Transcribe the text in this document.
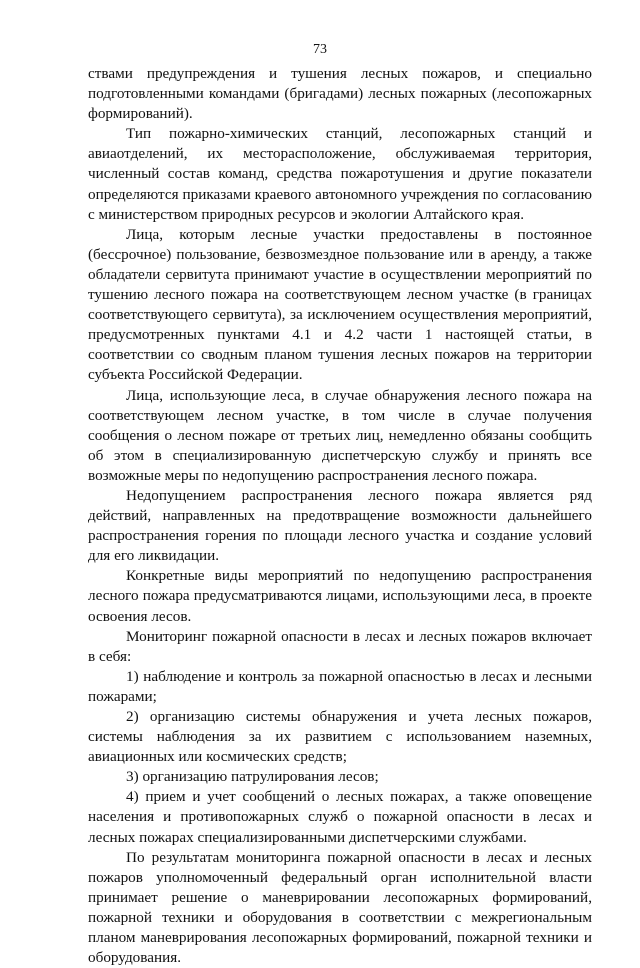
73

ствами предупреждения и тушения лесных пожаров, и специально подготовленными командами (бригадами) лесных пожарных (лесопожарных формирований).

Тип пожарно-химических станций, лесопожарных станций и авиаотделений, их месторасположение, обслуживаемая территория, численный состав команд, средства пожаротушения и другие показатели определяются приказами краевого автономного учреждения по согласованию с министерством природных ресурсов и экологии Алтайского края.

Лица, которым лесные участки предоставлены в постоянное (бессрочное) пользование, безвозмездное пользование или в аренду, а также обладатели сервитута принимают участие в осуществлении мероприятий по тушению лесного пожара на соответствующем лесном участке (в границах соответствующего сервитута), за исключением осуществления мероприятий, предусмотренных пунктами 4.1 и 4.2 части 1 настоящей статьи, в соответствии со сводным планом тушения лесных пожаров на территории субъекта Российской Федерации.

Лица, использующие леса, в случае обнаружения лесного пожара на соответствующем лесном участке, в том числе в случае получения сообщения о лесном пожаре от третьих лиц, немедленно обязаны сообщить об этом в специализированную диспетчерскую службу и принять все возможные меры по недопущению распространения лесного пожара.

Недопущением распространения лесного пожара является ряд действий, направленных на предотвращение возможности дальнейшего распространения горения по площади лесного участка и создание условий для его ликвидации.

Конкретные виды мероприятий по недопущению распространения лесного пожара предусматриваются лицами, использующими леса, в проекте освоения лесов.

Мониторинг пожарной опасности в лесах и лесных пожаров включает в себя:

1) наблюдение и контроль за пожарной опасностью в лесах и лесными пожарами;

2) организацию системы обнаружения и учета лесных пожаров, системы наблюдения за их развитием с использованием наземных, авиационных или космических средств;

3) организацию патрулирования лесов;

4) прием и учет сообщений о лесных пожарах, а также оповещение населения и противопожарных служб о пожарной опасности в лесах и лесных пожарах специализированными диспетчерскими службами.

По результатам мониторинга пожарной опасности в лесах и лесных пожаров уполномоченный федеральный орган исполнительной власти принимает решение о маневрировании лесопожарных формирований, пожарной техники и оборудования в соответствии с межрегиональным планом маневрирования лесопожарных формирований, пожарной техники и оборудования.
